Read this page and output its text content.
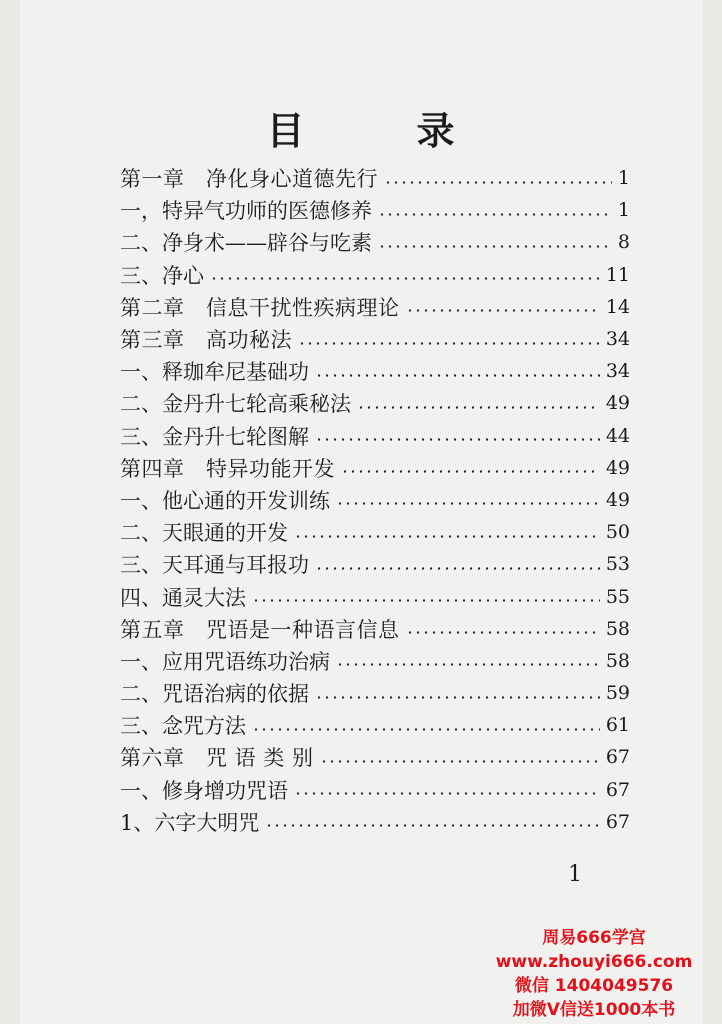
目	录
第一章　净化身心道德先行	1
一，特异气功师的医德修养	1
二、净身术——辟谷与吃素	8
三、净心	11
第二章　信息干扰性疾病理论	14
第三章　高功秘法	34
一、释珈牟尼基础功	34
二、金丹升七轮高乘秘法	49
三、金丹升七轮图解	44
第四章　特异功能开发	49
一、他心通的开发训练	49
二、天眼通的开发	50
三、天耳通与耳报功	53
四、通灵大法	55
第五章　咒语是一种语言信息	58
一、应用咒语练功治病	58
二、咒语治病的依据	59
三、念咒方法	61
第六章　咒 语 类 别	67
一、修身增功咒语	67
1、六字大明咒	67
1
周易666学宫
www.zhouyi666.com
微信 1404049576
加微V信送1000本书
